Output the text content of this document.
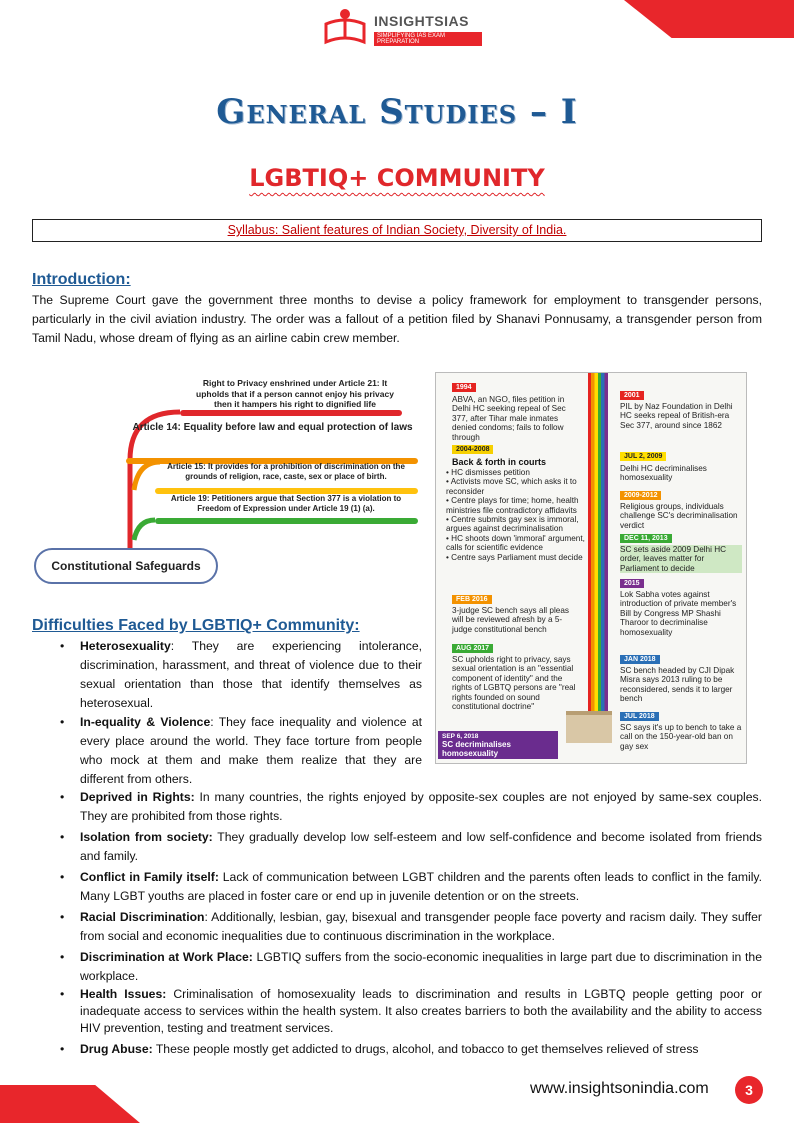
INSIGHTSIAS
SIMPLIFYING IAS EXAM PREPARATION
General Studies – I
LGBTIQ+ COMMUNITY
Syllabus: Salient features of Indian Society, Diversity of India.
Introduction:
The Supreme Court gave the government three months to devise a policy framework for employment to transgender persons, particularly in the civil aviation industry. The order was a fallout of a petition filed by Shanavi Ponnusamy, a transgender person from Tamil Nadu, whose dream of flying as an airline cabin crew member.
Right to Privacy enshrined under Article 21: It upholds that if a person cannot enjoy his privacy then it hampers his right to dignified life
Article 14: Equality before law and equal protection of laws
Article 15: It provides for a prohibition of discrimination on the grounds of religion, race, caste, sex or place of birth.
Article 19: Petitioners argue that Section 377 is a violation to Freedom of Expression under Article 19 (1) (a).
Constitutional Safeguards
1994
ABVA, an NGO, files petition in Delhi HC seeking repeal of Sec 377, after Tihar male inmates denied condoms; fails to follow through
2004-2008
Back & forth in courts
• HC dismisses petition
• Activists move SC, which asks it to reconsider
• Centre plays for time; home, health ministries file contradictory affidavits
• Centre submits gay sex is immoral, argues against decriminalisation
• HC shoots down 'immoral' argument, calls for scientific evidence
• Centre says Parliament must decide
FEB 2016
3-judge SC bench says all pleas will be reviewed afresh by a 5-judge constitutional bench
AUG 2017
SC upholds right to privacy, says sexual orientation is an "essential component of identity" and the rights of LGBTQ persons are "real rights founded on sound constitutional doctrine"
2001
PIL by Naz Foundation in Delhi HC seeks repeal of British-era Sec 377, around since 1862
JUL 2, 2009
Delhi HC decriminalises homosexuality
2009-2012
Religious groups, individuals challenge SC's decriminalisation verdict
DEC 11, 2013
SC sets aside 2009 Delhi HC order, leaves matter for Parliament to decide
2015
Lok Sabha votes against introduction of private member's Bill by Congress MP Shashi Tharoor to decriminalise homosexuality
JAN 2018
SC bench headed by CJI Dipak Misra says 2013 ruling to be reconsidered, sends it to larger bench
JUL 2018
SC says it's up to bench to take a call on the 150-year-old ban on gay sex
SEP 6, 2018
SC decriminalises homosexuality
Difficulties Faced by LGBTIQ+ Community:
• Heterosexuality: They are experiencing intolerance, discrimination, harassment, and threat of violence due to their sexual orientation than those that identify themselves as heterosexual.
• In-equality & Violence: They face inequality and violence at every place around the world. They face torture from people who mock at them and make them realize that they are different from others.
• Deprived in Rights: In many countries, the rights enjoyed by opposite-sex couples are not enjoyed by same-sex couples. They are prohibited from those rights.
• Isolation from society: They gradually develop low self-esteem and low self-confidence and become isolated from friends and family.
• Conflict in Family itself: Lack of communication between LGBT children and the parents often leads to conflict in the family. Many LGBT youths are placed in foster care or end up in juvenile detention or on the streets.
• Racial Discrimination: Additionally, lesbian, gay, bisexual and transgender people face poverty and racism daily. They suffer from social and economic inequalities due to continuous discrimination in the workplace.
• Discrimination at Work Place: LGBTIQ suffers from the socio-economic inequalities in large part due to discrimination in the workplace.
• Health Issues: Criminalisation of homosexuality leads to discrimination and results in LGBTQ people getting poor or inadequate access to services within the health system. It also creates barriers to both the availability and the ability to access HIV prevention, testing and treatment services.
• Drug Abuse: These people mostly get addicted to drugs, alcohol, and tobacco to get themselves relieved of stress
www.insightsonindia.com	3
